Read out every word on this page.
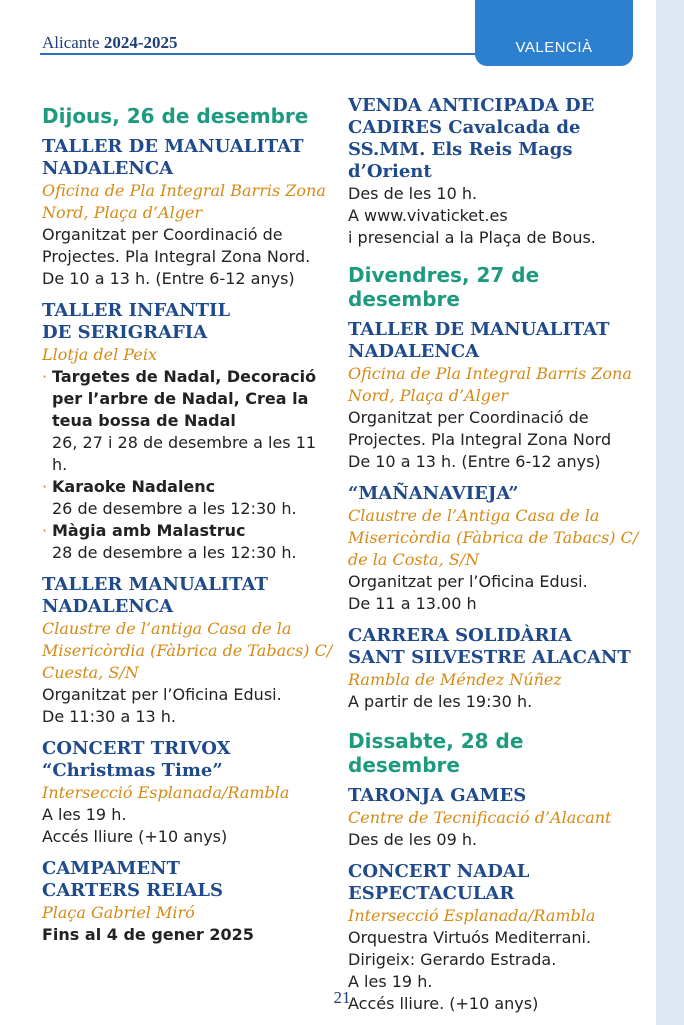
Alicante 2024-2025	VALENCIÀ

Dijous, 26 de desembre

TALLER DE MANUALITAT NADALENCA

Oficina de Pla Integral Barris Zona Nord, Plaça d’Alger

Organitzat per Coordinació de Projectes. Pla Integral Zona Nord. De 10 a 13 h. (Entre 6-12 anys)

TALLER INFANTIL

DE SERIGRAFIA

Llotja del Peix

· Targetes de Nadal, Decoració per l’arbre de Nadal, Crea la teua bossa de Nadal

26, 27 i 28 de desembre a les 11 h.

· Karaoke Nadalenc

26 de desembre a les 12:30 h.

· Màgia amb Malastruc

28 de desembre a les 12:30 h.

TALLER MANUALITAT NADALENCA

Claustre de l’antiga Casa de la Misericòrdia (Fàbrica de Tabacs) C/ Cuesta, S/N

Organitzat per l’Oficina Edusi.

De 11:30 a 13 h.

CONCERT TRIVOX

“Christmas Time”

Intersecció Esplanada/Rambla

A les 19 h.

Accés lliure (+10 anys)

CAMPAMENT

CARTERS REIALS

Plaça Gabriel Miró

Fins al 4 de gener 2025

VENDA ANTICIPADA DE CADIRES Cavalcada de SS.MM. Els Reis Mags d’Orient

Des de les 10 h.

A www.vivaticket.es

i presencial a la Plaça de Bous.

Divendres, 27 de desembre

TALLER DE MANUALITAT NADALENCA

Oficina de Pla Integral Barris Zona Nord, Plaça d’Alger

Organitzat per Coordinació de Projectes. Pla Integral Zona Nord

De 10 a 13 h. (Entre 6-12 anys)

“MAÑANAVIEJA”

Claustre de l’Antiga Casa de la Misericòrdia (Fàbrica de Tabacs) C/ de la Costa, S/N

Organitzat per l’Oficina Edusi.

De 11 a 13.00 h

CARRERA SOLIDÀRIA

SANT SILVESTRE ALACANT

Rambla de Méndez Núñez

A partir de les 19:30 h.

Dissabte, 28 de desembre

TARONJA GAMES

Centre de Tecnificació d’Alacant

Des de les 09 h.

CONCERT NADAL ESPECTACULAR

Intersecció Esplanada/Rambla

Orquestra Virtuós Mediterrani.

Dirigeix: Gerardo Estrada.

A les 19 h.

Accés lliure. (+10 anys)

21
